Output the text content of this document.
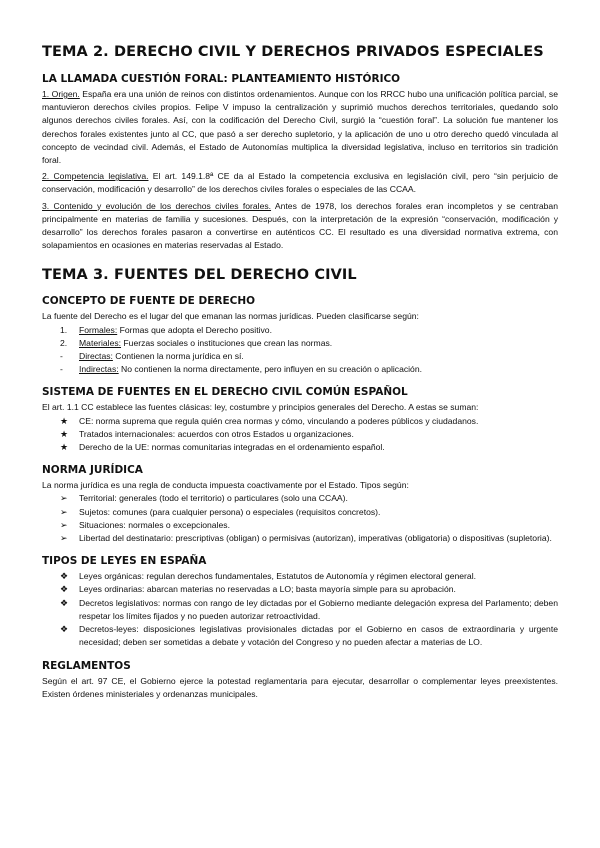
TEMA 2. DERECHO CIVIL Y DERECHOS PRIVADOS ESPECIALES
LA LLAMADA CUESTIÓN FORAL: PLANTEAMIENTO HISTÓRICO

1. Origen. España era una unión de reinos con distintos ordenamientos. Aunque con los RRCC hubo una unificación política parcial, se mantuvieron derechos civiles propios. Felipe V impuso la centralización y suprimió muchos derechos territoriales, quedando solo algunos derechos civiles forales. Así, con la codificación del Derecho Civil, surgió la “cuestión foral”. La solución fue mantener los derechos forales existentes junto al CC, que pasó a ser derecho supletorio, y la aplicación de uno u otro derecho quedó vinculada al concepto de vecindad civil. Además, el Estado de Autonomías multiplica la diversidad legislativa, incluso en territorios sin tradición foral.

2. Competencia legislativa. El art. 149.1.8ª CE da al Estado la competencia exclusiva en legislación civil, pero “sin perjuicio de conservación, modificación y desarrollo” de los derechos civiles forales o especiales de las CCAA.

3. Contenido y evolución de los derechos civiles forales. Antes de 1978, los derechos forales eran incompletos y se centraban principalmente en materias de familia y sucesiones. Después, con la interpretación de la expresión “conservación, modificación y desarrollo” los derechos forales pasaron a convertirse en auténticos CC. El resultado es una diversidad normativa extrema, con solapamientos en ocasiones en materias reservadas al Estado.

TEMA 3. FUENTES DEL DERECHO CIVIL
CONCEPTO DE FUENTE DE DERECHO

La fuente del Derecho es el lugar del que emanan las normas jurídicas. Pueden clasificarse según:

1.	Formales: Formas que adopta el Derecho positivo.
2.	Materiales: Fuerzas sociales o instituciones que crean las normas.
-	Directas: Contienen la norma jurídica en sí.
-	Indirectas: No contienen la norma directamente, pero influyen en su creación o aplicación.
SISTEMA DE FUENTES EN EL DERECHO CIVIL COMÚN ESPAÑOL

El art. 1.1 CC establece las fuentes clásicas: ley, costumbre y principios generales del Derecho. A estas se suman:

★	CE: norma suprema que regula quién crea normas y cómo, vinculando a poderes públicos y ciudadanos.
★	Tratados internacionales: acuerdos con otros Estados u organizaciones.
★	Derecho de la UE: normas comunitarias integradas en el ordenamiento español.
NORMA JURÍDICA

La norma jurídica es una regla de conducta impuesta coactivamente por el Estado. Tipos según:

➢	Territorial: generales (todo el territorio) o particulares (solo una CCAA).
➢	Sujetos: comunes (para cualquier persona) o especiales (requisitos concretos).
➢	Situaciones: normales o excepcionales.
➢	Libertad del destinatario: prescriptivas (obligan) o permisivas (autorizan), imperativas (obligatoria) o dispositivas (supletoria).
TIPOS DE LEYES EN ESPAÑA
❖	Leyes orgánicas: regulan derechos fundamentales, Estatutos de Autonomía y régimen electoral general.
❖	Leyes ordinarias: abarcan materias no reservadas a LO; basta mayoría simple para su aprobación.
❖	Decretos legislativos: normas con rango de ley dictadas por el Gobierno mediante delegación expresa del Parlamento; deben respetar los límites fijados y no pueden autorizar retroactividad.
❖	Decretos-leyes: disposiciones legislativas provisionales dictadas por el Gobierno en casos de extraordinaria y urgente necesidad; deben ser sometidas a debate y votación del Congreso y no pueden afectar a materias de LO.
REGLAMENTOS

Según el art. 97 CE, el Gobierno ejerce la potestad reglamentaria para ejecutar, desarrollar o complementar leyes preexistentes. Existen órdenes ministeriales y ordenanzas municipales.
